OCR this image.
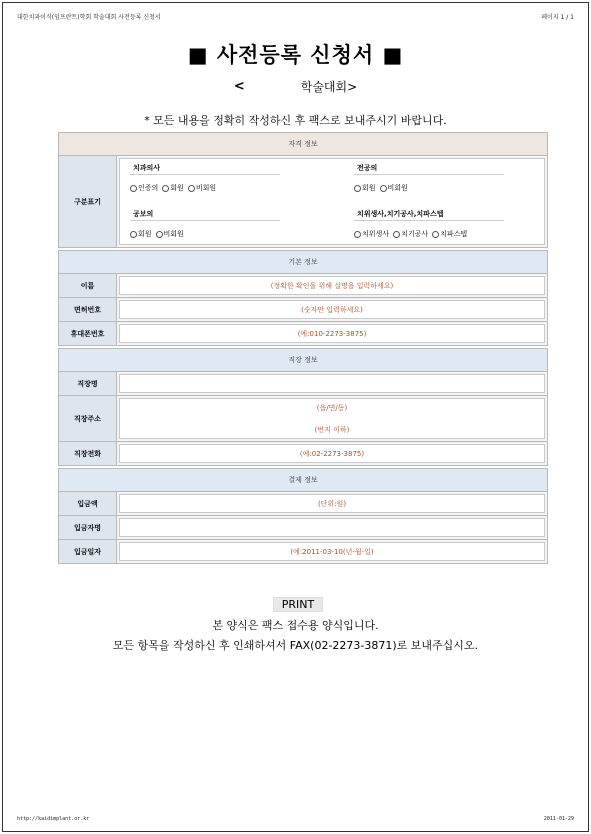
대한치과이식(임프란트)학회 학술대회 사전등록 신청서	페이지 1 / 1
■ 사전등록 신청서 ■
<	학술대회>
* 모든 내용을 정확히 작성하신 후 팩스로 보내주시기 바랍니다.
자격 정보
구분표기
치과의사
인증의 회원 비회원
전공의
회원 비회원
공보의
회원 비회원
치위생사,치기공사,치파스텝
치위생사 치기공사 치파스텝
기본 정보
이름	(정확한 확인을 위해 실명을 입력하세요)
면허번호	(숫자만 입력하세요)
휴대폰번호	(예:010-2273-3875)
직장 정보
직장명
직장주소
(읍/면/동)
(번지 이하)
직장전화	(예:02-2273-3875)
결제 정보
입금액	(단위:원)
입금자명
입금일자	(예:2011-03-10(년-월-일)
PRINT
본 양식은 팩스 접수용 양식입니다.
모든 항목을 작성하신 후 인쇄하셔서 FAX(02-2273-3871)로 보내주십시오.
http://kaidimplant.or.kr	2011-01-29
